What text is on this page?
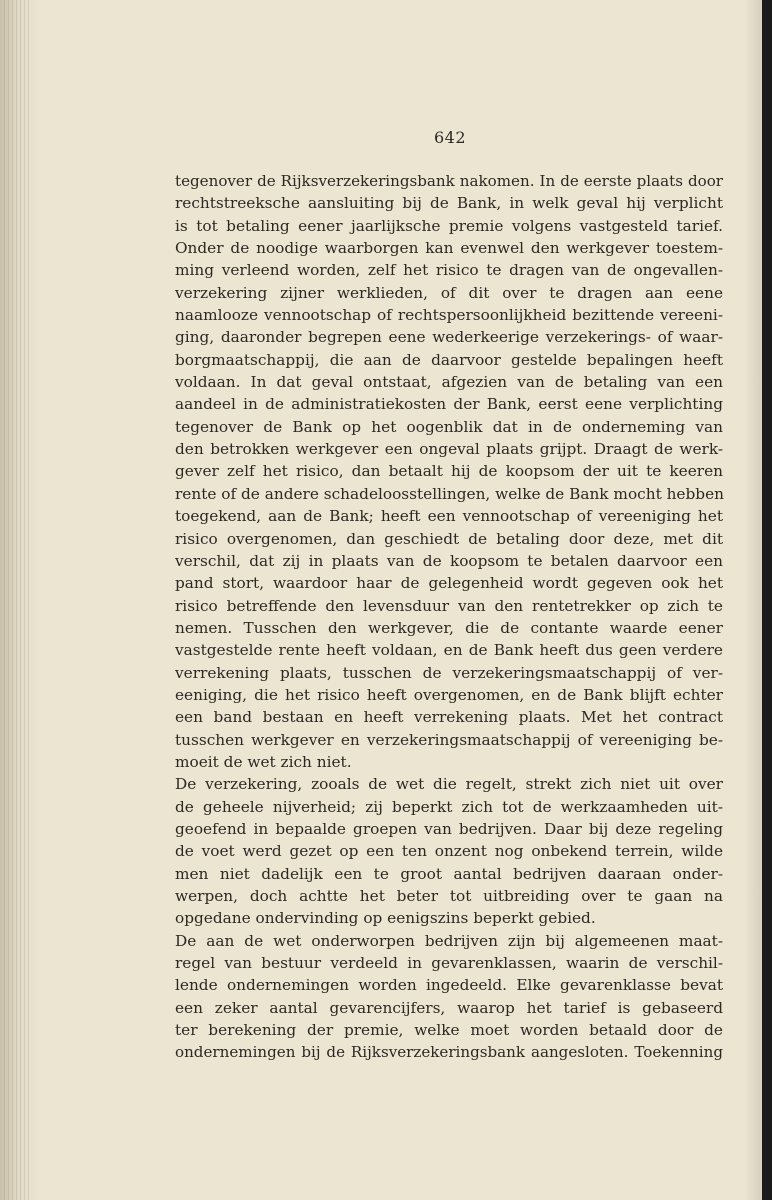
642
tegenover de Rijksverzekeringsbank nakomen. In de eerste plaats door
rechtstreeksche aansluiting bij de Bank, in welk geval hij verplicht
is tot betaling eener jaarlijksche premie volgens vastgesteld tarief.
Onder de noodige waarborgen kan evenwel den werkgever toestem-
ming verleend worden, zelf het risico te dragen van de ongevallen-
verzekering zijner werklieden, of dit over te dragen aan eene
naamlooze vennootschap of rechtspersoonlijkheid bezittende vereeni-
ging, daaronder begrepen eene wederkeerige verzekerings- of waar-
borgmaatschappij, die aan de daarvoor gestelde bepalingen heeft
voldaan. In dat geval ontstaat, afgezien van de betaling van een
aandeel in de administratiekosten der Bank, eerst eene verplichting
tegenover de Bank op het oogenblik dat in de onderneming van
den betrokken werkgever een ongeval plaats grijpt. Draagt de werk-
gever zelf het risico, dan betaalt hij de koopsom der uit te keeren
rente of de andere schadeloosstellingen, welke de Bank mocht hebben
toegekend, aan de Bank; heeft een vennootschap of vereeniging het
risico overgenomen, dan geschiedt de betaling door deze, met dit
verschil, dat zij in plaats van de koopsom te betalen daarvoor een
pand stort, waardoor haar de gelegenheid wordt gegeven ook het
risico betreffende den levensduur van den rentetrekker op zich te
nemen. Tusschen den werkgever, die de contante waarde eener
vastgestelde rente heeft voldaan, en de Bank heeft dus geen verdere
verrekening plaats, tusschen de verzekeringsmaatschappij of ver-
eeniging, die het risico heeft overgenomen, en de Bank blijft echter
een band bestaan en heeft verrekening plaats. Met het contract
tusschen werkgever en verzekeringsmaatschappij of vereeniging be-
moeit de wet zich niet.
De verzekering, zooals de wet die regelt, strekt zich niet uit over
de geheele nijverheid; zij beperkt zich tot de werkzaamheden uit-
geoefend in bepaalde groepen van bedrijven. Daar bij deze regeling
de voet werd gezet op een ten onzent nog onbekend terrein, wilde
men niet dadelijk een te groot aantal bedrijven daaraan onder-
werpen, doch achtte het beter tot uitbreiding over te gaan na
opgedane ondervinding op eenigszins beperkt gebied.
De aan de wet onderworpen bedrijven zijn bij algemeenen maat-
regel van bestuur verdeeld in gevarenklassen, waarin de verschil-
lende ondernemingen worden ingedeeld. Elke gevarenklasse bevat
een zeker aantal gevarencijfers, waarop het tarief is gebaseerd
ter berekening der premie, welke moet worden betaald door de
ondernemingen bij de Rijksverzekeringsbank aangesloten. Toekenning
